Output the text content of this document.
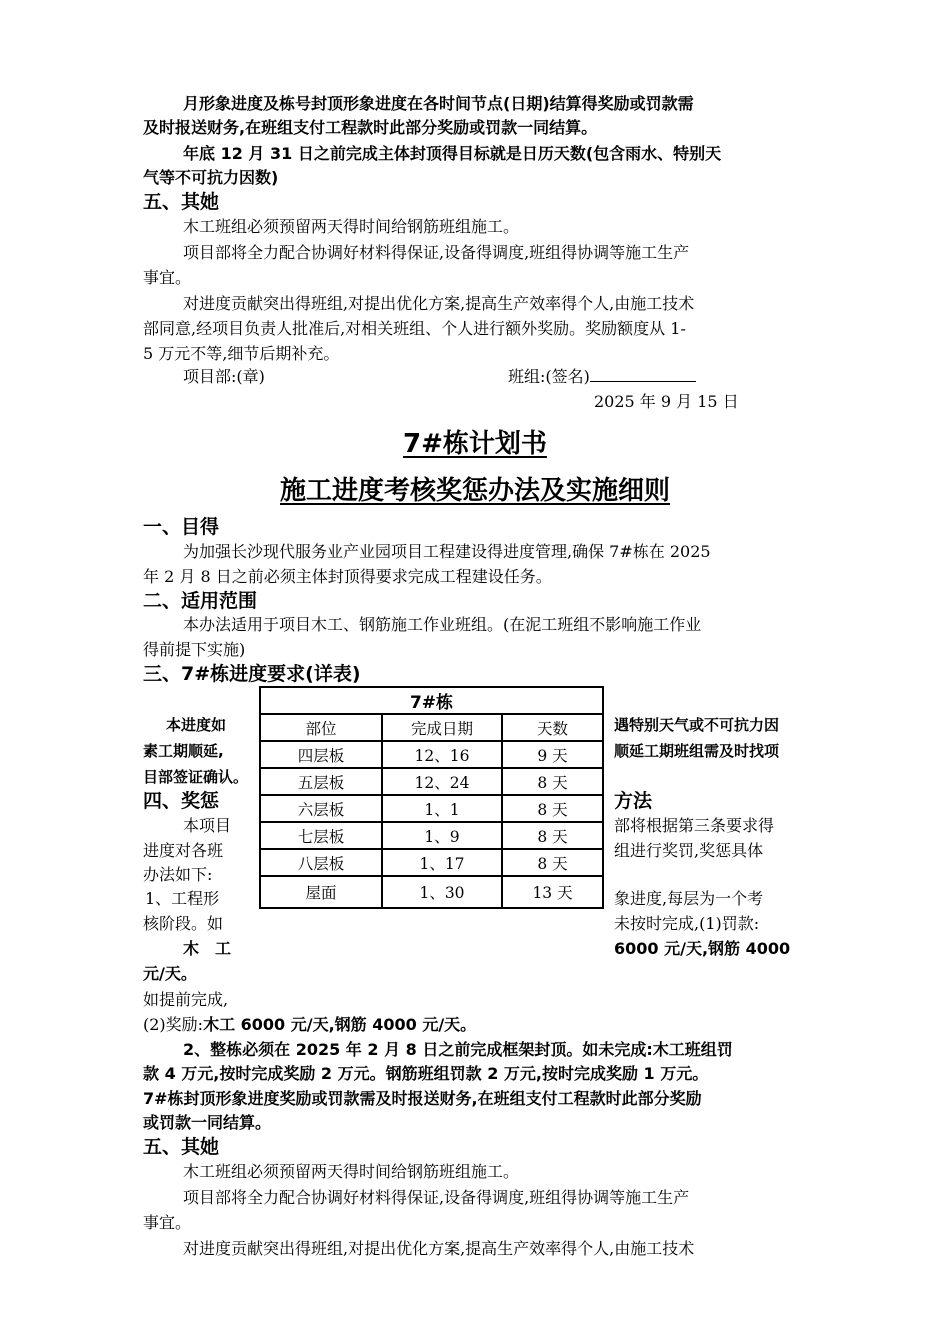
月形象进度及栋号封顶形象进度在各时间节点(日期)结算得奖励或罚款需
及时报送财务,在班组支付工程款时此部分奖励或罚款一同结算。
年底 12 月 31 日之前完成主体封顶得目标就是日历天数(包含雨水、特别天
气等不可抗力因数)
五、其她
木工班组必须预留两天得时间给钢筋班组施工。
项目部将全力配合协调好材料得保证,设备得调度,班组得协调等施工生产
事宜。
对进度贡献突出得班组,对提出优化方案,提高生产效率得个人,由施工技术
部同意,经项目负责人批准后,对相关班组、个人进行额外奖励。奖励额度从 1-
5 万元不等,细节后期补充。
项目部:(章)	班组:(签名)
2025 年 9 月 15 日
7#栋计划书
施工进度考核奖惩办法及实施细则
一、目得
为加强长沙现代服务业产业园项目工程建设得进度管理,确保 7#栋在 2025
年 2 月 8 日之前必须主体封顶得要求完成工程建设任务。
二、适用范围
本办法适用于项目木工、钢筋施工作业班组。(在泥工班组不影响施工作业
得前提下实施)
三、7#栋进度要求(详表)
7#栋		
部位	完成日期	天数
四层板	12、16	9 天
五层板	12、24	8 天
六层板	1、1	8 天
七层板	1、9	8 天
八层板	1、17	8 天
屋面	1、30	13 天
本进度如
素工期顺延,
目部签证确认。
四、奖惩
本项目
进度对各班
办法如下:
1、工程形
核阶段。如
木　工
元/天。
如提前完成,
遇特别天气或不可抗力因
顺延工期班组需及时找项
方法
部将根据第三条要求得
组进行奖罚,奖惩具体
象进度,每层为一个考
未按时完成,(1)罚款:
6000 元/天,钢筋 4000
(2)奖励:木工 6000 元/天,钢筋 4000 元/天。
2、整栋必须在 2025 年 2 月 8 日之前完成框架封顶。如未完成:木工班组罚
款 4 万元,按时完成奖励 2 万元。钢筋班组罚款 2 万元,按时完成奖励 1 万元。
7#栋封顶形象进度奖励或罚款需及时报送财务,在班组支付工程款时此部分奖励
或罚款一同结算。
五、其她
木工班组必须预留两天得时间给钢筋班组施工。
项目部将全力配合协调好材料得保证,设备得调度,班组得协调等施工生产
事宜。
对进度贡献突出得班组,对提出优化方案,提高生产效率得个人,由施工技术
